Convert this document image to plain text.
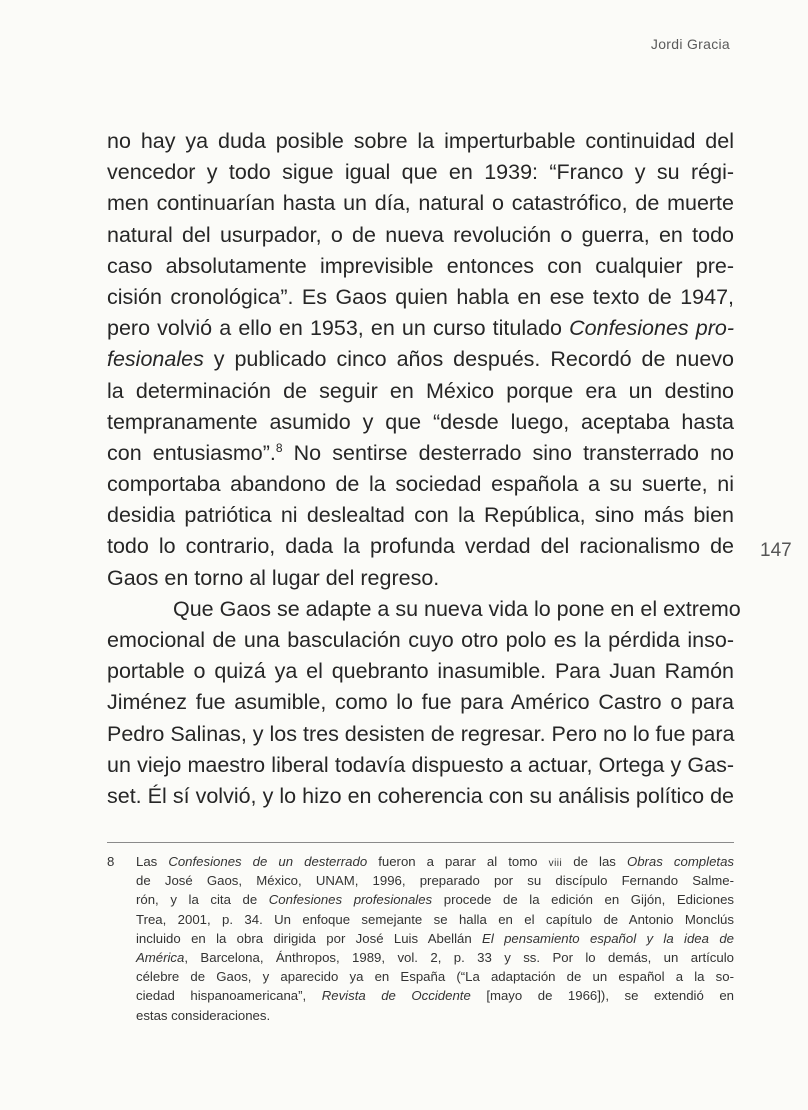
Jordi Gracia
147
no hay ya duda posible sobre la imperturbable continuidad del
vencedor y todo sigue igual que en 1939: “Franco y su régi-
men continuarían hasta un día, natural o catastrófico, de muerte
natural del usurpador, o de nueva revolución o guerra, en todo
caso absolutamente imprevisible entonces con cualquier pre-
cisión cronológica”. Es Gaos quien habla en ese texto de 1947,
pero volvió a ello en 1953, en un curso titulado Confesiones pro-
fesionales y publicado cinco años después. Recordó de nuevo
la determinación de seguir en México porque era un destino
tempranamente asumido y que “desde luego, aceptaba hasta
con entusiasmo”.$^8$ No sentirse desterrado sino transterrado no
comportaba abandono de la sociedad española a su suerte, ni
desidia patriótica ni deslealtad con la República, sino más bien
todo lo contrario, dada la profunda verdad del racionalismo de
Gaos en torno al lugar del regreso.
Que Gaos se adapte a su nueva vida lo pone en el extremo
emocional de una basculación cuyo otro polo es la pérdida inso-
portable o quizá ya el quebranto inasumible. Para Juan Ramón
Jiménez fue asumible, como lo fue para Américo Castro o para
Pedro Salinas, y los tres desisten de regresar. Pero no lo fue para
un viejo maestro liberal todavía dispuesto a actuar, Ortega y Gas-
set. Él sí volvió, y lo hizo en coherencia con su análisis político de
8 Las Confesiones de un desterrado fueron a parar al tomo viii de las Obras completas
de José Gaos, México, UNAM, 1996, preparado por su discípulo Fernando Salme-
rón, y la cita de Confesiones profesionales procede de la edición en Gijón, Ediciones
Trea, 2001, p. 34. Un enfoque semejante se halla en el capítulo de Antonio Monclús
incluido en la obra dirigida por José Luis Abellán El pensamiento español y la idea de
América, Barcelona, Ánthropos, 1989, vol. 2, p. 33 y ss. Por lo demás, un artículo
célebre de Gaos, y aparecido ya en España (“La adaptación de un español a la so-
ciedad hispanoamericana”, Revista de Occidente [mayo de 1966]), se extendió en
estas consideraciones.
